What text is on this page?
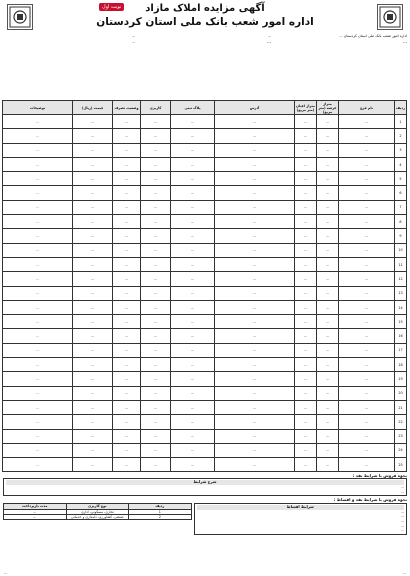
نوبت اول	آگهی مزایده املاک مازاد
اداره امور شعب بانک ملی استان کردستان

اداره امور شعب بانک ملی استان کردستان ...

...

...

...

...

...

ردیف	نام فرع	متراژ عرصه (متر مربع)	متراژ اعیان (متر مربع)	آدرس	پلاک ثبتی	کاربری	وضعیت تصرف	قیمت (ریال)	توضیحات
1	...	...	...	...	...	...	...	...	...
2	...	...	...	...	...	...	...	...	...
3	...	...	...	...	...	...	...	...	...
4	...	...	...	...	...	...	...	...	...
5	...	...	...	...	...	...	...	...	...
6	...	...	...	...	...	...	...	...	...
7	...	...	...	...	...	...	...	...	...
8	...	...	...	...	...	...	...	...	...
9	...	...	...	...	...	...	...	...	...
10	...	...	...	...	...	...	...	...	...
11	...	...	...	...	...	...	...	...	...
12	...	...	...	...	...	...	...	...	...
13	...	...	...	...	...	...	...	...	...
14	...	...	...	...	...	...	...	...	...
15	...	...	...	...	...	...	...	...	...
16	...	...	...	...	...	...	...	...	...
17	...	...	...	...	...	...	...	...	...
18	...	...	...	...	...	...	...	...	...
19	...	...	...	...	...	...	...	...	...
20	...	...	...	...	...	...	...	...	...
21	...	...	...	...	...	...	...	...	...
22	...	...	...	...	...	...	...	...	...
23	...	...	...	...	...	...	...	...	...
24	...	...	...	...	...	...	...	...	...
25	...	...	...	...	...	...	...	...	...
نحوه فروش با شرایط نقد :
شرح شرایط
...
...
نحوه فروش با شرایط نقد و اقساط :
شرایط اقساط
...
...
...
...
...
ردیف	نوع کاربری	مدت بازپرداخت
1	تجاری، مسکونی، اداری	...
2	صنعتی، کشاورزی، دامداری و خدماتی	...
...
...
